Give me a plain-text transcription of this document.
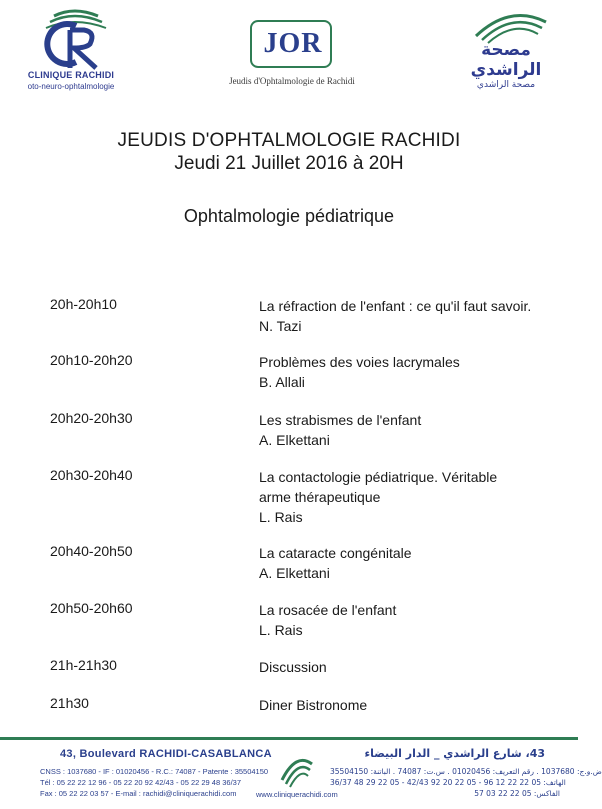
CLINIQUE RACHIDI
oto-neuro-ophtalmologie
JOR
Jeudis d'Ophtalmologie de Rachidi
مصحة الراشدي
مصحة الراشدي
JEUDIS D'OPHTALMOLOGIE RACHIDI
Jeudi 21 Juillet 2016 à 20H
Ophtalmologie pédiatrique
20h-20h10	La réfraction de l'enfant : ce qu'il faut savoir.
N. Tazi
20h10-20h20	Problèmes des voies lacrymales
B. Allali
20h20-20h30	Les strabismes de l'enfant
A. Elkettani
20h30-20h40	La contactologie pédiatrique. Véritable
arme thérapeutique
L. Rais
20h40-20h50	La cataracte congénitale
A. Elkettani
20h50-20h60	La rosacée de l'enfant
L. Rais
21h-21h30	Discussion
21h30	Diner Bistronome
43, Boulevard RACHIDI-CASABLANCA
CNSS : 1037680 - IF : 01020456 - R.C.: 74087 - Patente : 35504150
Tél : 05 22 22 12 96 - 05 22 20 92 42/43 - 05 22 29 48 36/37
Fax : 05 22 22 03 57 - E-mail : rachidi@cliniquerachidi.com	www.cliniquerachidi.com
43، شارع الراشدي _ الدار البيضاء
ض.و.ج: 1037680 . رقم التعريف: 01020456 . س.ت: 74087 . الباتنة: 35504150
الهاتف: 05 22 22 12 96 - 05 22 20 92 42/43 - 05 22 29 48 36/37
الفاكس: 05 22 22 03 57
